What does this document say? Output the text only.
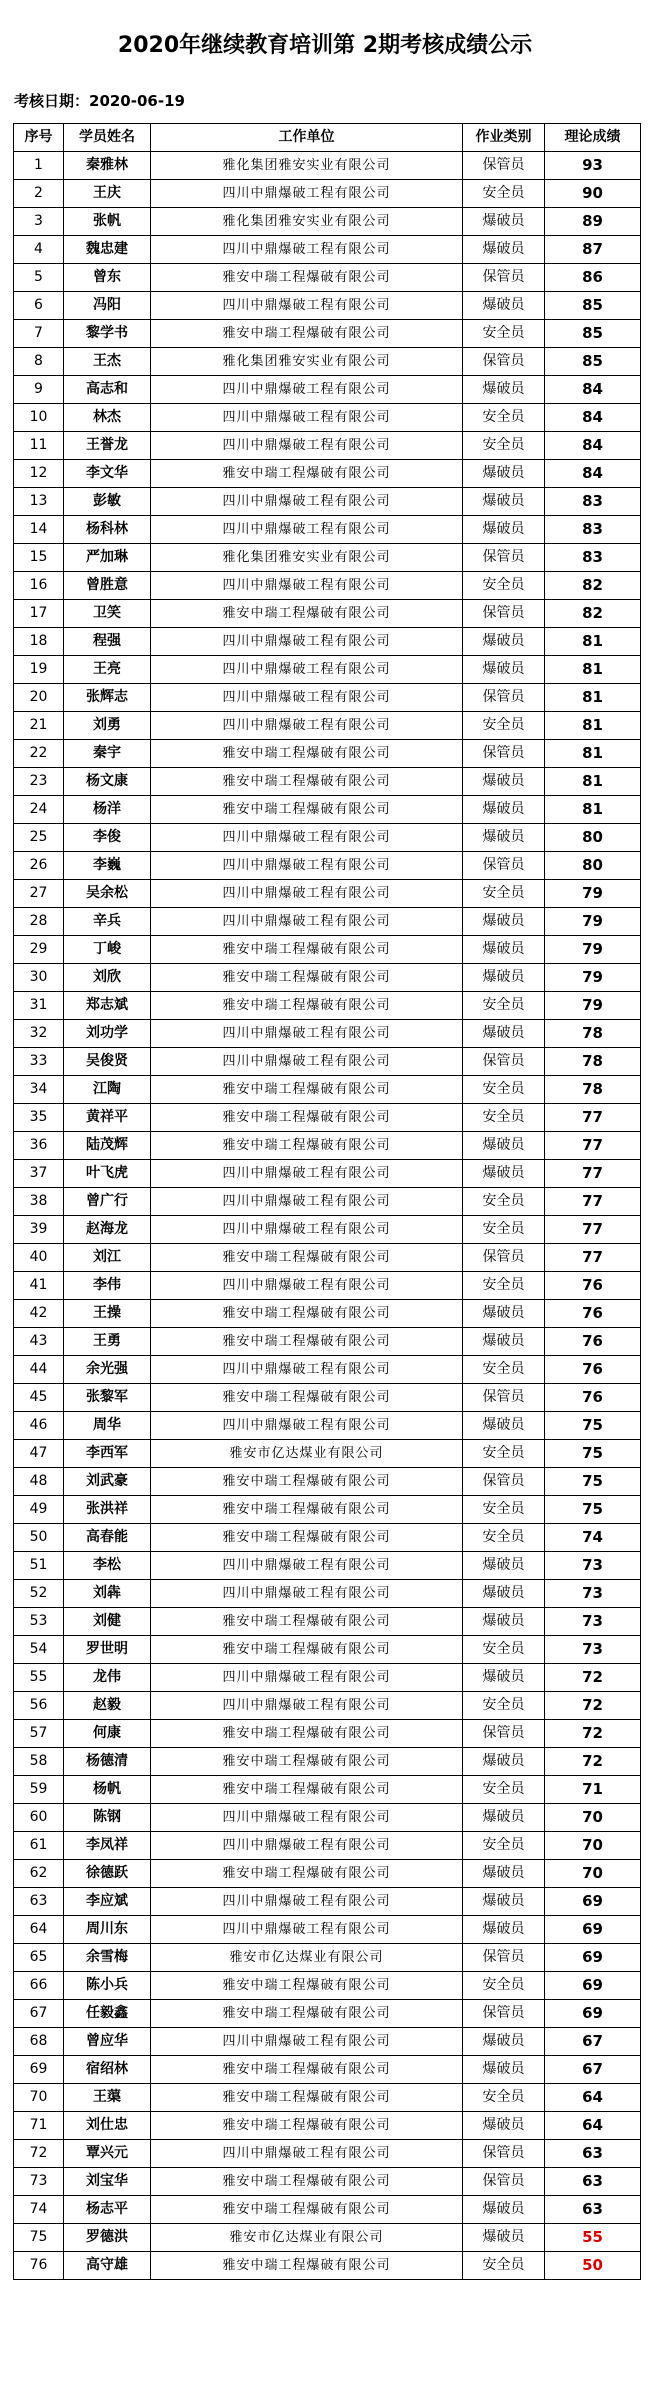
2020年继续教育培训第 2期考核成绩公示
考核日期：2020-06-19
序号	学员姓名	工作单位	作业类别	理论成绩
1	秦雅林	雅化集团雅安实业有限公司	保管员	93
2	王庆	四川中鼎爆破工程有限公司	安全员	90
3	张帆	雅化集团雅安实业有限公司	爆破员	89
4	魏忠建	四川中鼎爆破工程有限公司	爆破员	87
5	曾东	雅安中瑞工程爆破有限公司	保管员	86
6	冯阳	四川中鼎爆破工程有限公司	爆破员	85
7	黎学书	雅安中瑞工程爆破有限公司	安全员	85
8	王杰	雅化集团雅安实业有限公司	保管员	85
9	高志和	四川中鼎爆破工程有限公司	爆破员	84
10	林杰	四川中鼎爆破工程有限公司	安全员	84
11	王誉龙	四川中鼎爆破工程有限公司	安全员	84
12	李文华	雅安中瑞工程爆破有限公司	爆破员	84
13	彭敏	四川中鼎爆破工程有限公司	爆破员	83
14	杨科林	四川中鼎爆破工程有限公司	爆破员	83
15	严加琳	雅化集团雅安实业有限公司	保管员	83
16	曾胜意	四川中鼎爆破工程有限公司	安全员	82
17	卫笑	雅安中瑞工程爆破有限公司	保管员	82
18	程强	四川中鼎爆破工程有限公司	爆破员	81
19	王亮	四川中鼎爆破工程有限公司	爆破员	81
20	张辉志	四川中鼎爆破工程有限公司	保管员	81
21	刘勇	四川中鼎爆破工程有限公司	安全员	81
22	秦宇	雅安中瑞工程爆破有限公司	保管员	81
23	杨文康	雅安中瑞工程爆破有限公司	爆破员	81
24	杨洋	雅安中瑞工程爆破有限公司	爆破员	81
25	李俊	四川中鼎爆破工程有限公司	爆破员	80
26	李巍	四川中鼎爆破工程有限公司	保管员	80
27	吴余松	四川中鼎爆破工程有限公司	安全员	79
28	辛兵	四川中鼎爆破工程有限公司	爆破员	79
29	丁峻	雅安中瑞工程爆破有限公司	爆破员	79
30	刘欣	雅安中瑞工程爆破有限公司	爆破员	79
31	郑志斌	雅安中瑞工程爆破有限公司	安全员	79
32	刘功学	四川中鼎爆破工程有限公司	爆破员	78
33	吴俊贤	四川中鼎爆破工程有限公司	保管员	78
34	江陶	雅安中瑞工程爆破有限公司	安全员	78
35	黄祥平	雅安中瑞工程爆破有限公司	安全员	77
36	陆茂辉	雅安中瑞工程爆破有限公司	爆破员	77
37	叶飞虎	四川中鼎爆破工程有限公司	爆破员	77
38	曾广行	四川中鼎爆破工程有限公司	安全员	77
39	赵海龙	四川中鼎爆破工程有限公司	安全员	77
40	刘江	雅安中瑞工程爆破有限公司	保管员	77
41	李伟	四川中鼎爆破工程有限公司	安全员	76
42	王操	雅安中瑞工程爆破有限公司	爆破员	76
43	王勇	雅安中瑞工程爆破有限公司	爆破员	76
44	余光强	四川中鼎爆破工程有限公司	安全员	76
45	张黎军	雅安中瑞工程爆破有限公司	保管员	76
46	周华	四川中鼎爆破工程有限公司	爆破员	75
47	李西军	雅安市亿达煤业有限公司	安全员	75
48	刘武豪	雅安中瑞工程爆破有限公司	保管员	75
49	张洪祥	雅安中瑞工程爆破有限公司	安全员	75
50	高春能	雅安中瑞工程爆破有限公司	安全员	74
51	李松	四川中鼎爆破工程有限公司	爆破员	73
52	刘犇	四川中鼎爆破工程有限公司	爆破员	73
53	刘健	雅安中瑞工程爆破有限公司	爆破员	73
54	罗世明	雅安中瑞工程爆破有限公司	安全员	73
55	龙伟	四川中鼎爆破工程有限公司	爆破员	72
56	赵毅	四川中鼎爆破工程有限公司	安全员	72
57	何康	雅安中瑞工程爆破有限公司	保管员	72
58	杨德清	雅安中瑞工程爆破有限公司	爆破员	72
59	杨帆	雅安中瑞工程爆破有限公司	安全员	71
60	陈钢	四川中鼎爆破工程有限公司	爆破员	70
61	李凤祥	四川中鼎爆破工程有限公司	安全员	70
62	徐德跃	雅安中瑞工程爆破有限公司	爆破员	70
63	李应斌	四川中鼎爆破工程有限公司	爆破员	69
64	周川东	四川中鼎爆破工程有限公司	爆破员	69
65	余雪梅	雅安市亿达煤业有限公司	保管员	69
66	陈小兵	雅安中瑞工程爆破有限公司	安全员	69
67	任毅鑫	雅安中瑞工程爆破有限公司	保管员	69
68	曾应华	四川中鼎爆破工程有限公司	爆破员	67
69	宿绍林	雅安中瑞工程爆破有限公司	爆破员	67
70	王蕖	雅安中瑞工程爆破有限公司	安全员	64
71	刘仕忠	雅安中瑞工程爆破有限公司	爆破员	64
72	覃兴元	四川中鼎爆破工程有限公司	保管员	63
73	刘宝华	雅安中瑞工程爆破有限公司	保管员	63
74	杨志平	雅安中瑞工程爆破有限公司	爆破员	63
75	罗德洪	雅安市亿达煤业有限公司	爆破员	55
76	高守雄	雅安中瑞工程爆破有限公司	安全员	50
